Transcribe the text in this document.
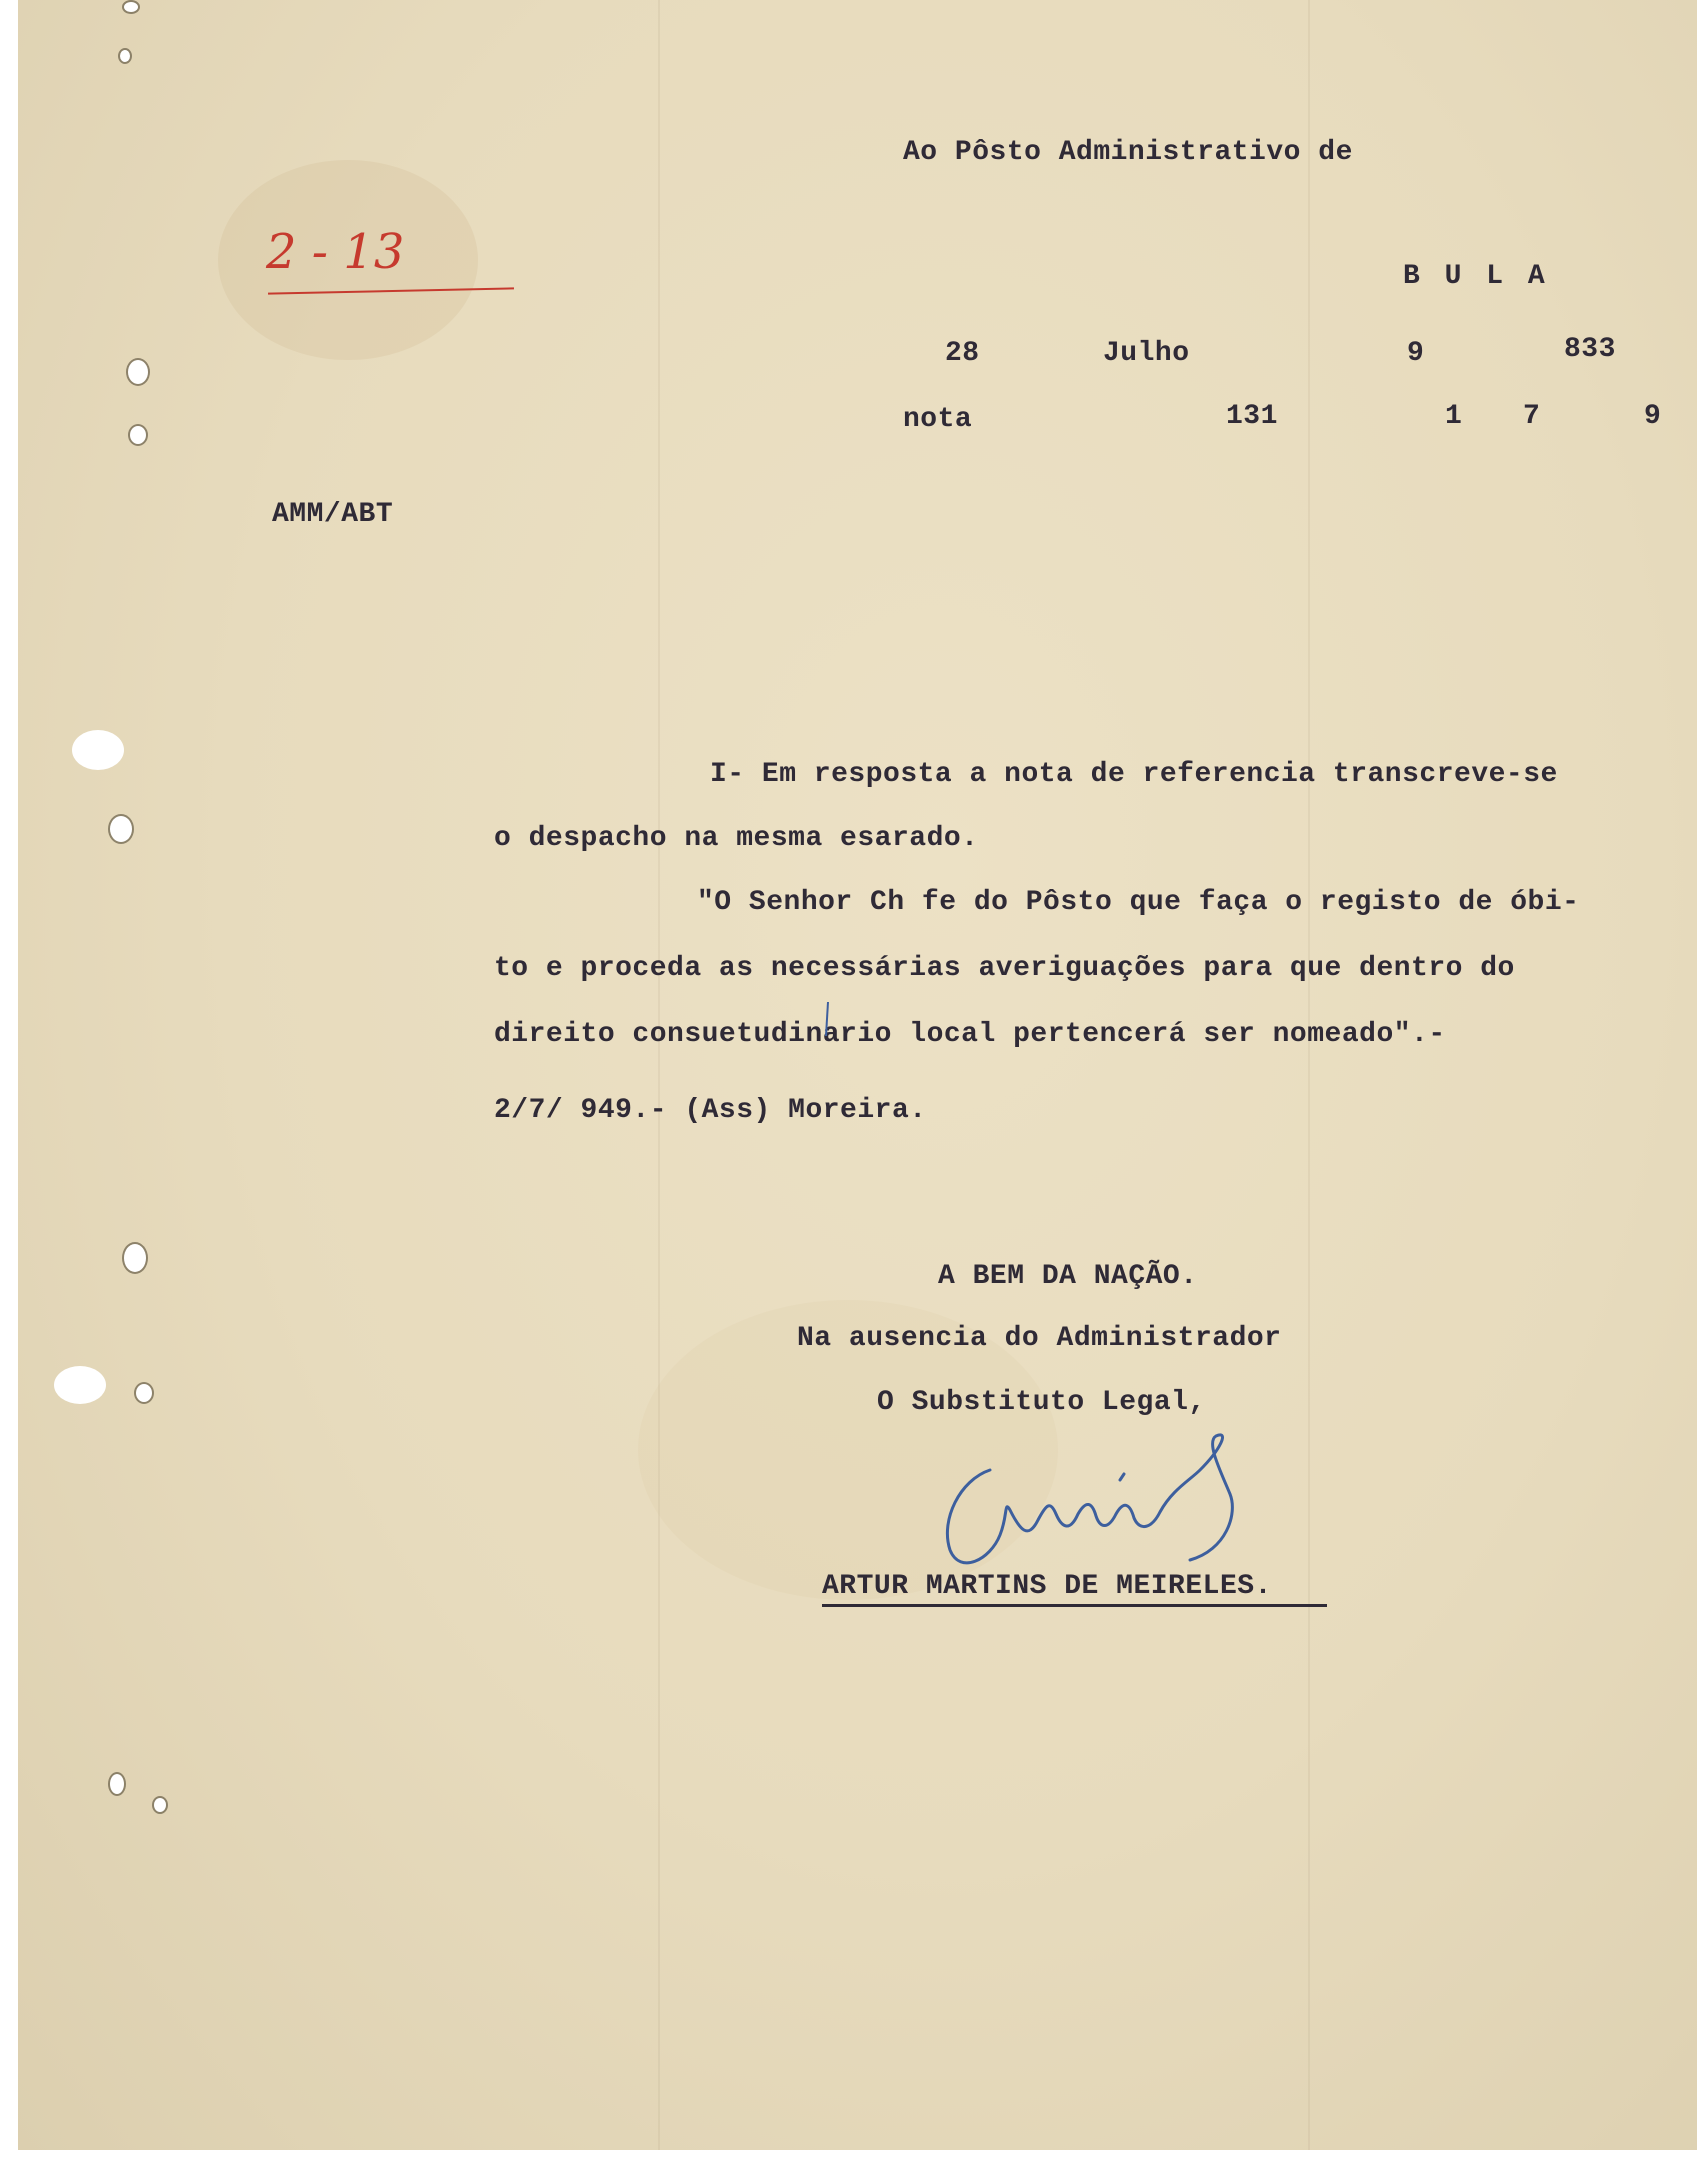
2 - 13
Ao Pôsto Administrativo de
B U L A
28	Julho	9	833
nota	131	1 7	9
AMM/ABT
I- Em resposta a nota de referencia transcreve-se
o despacho na mesma esarado.
"O Senhor Ch fe do Pôsto que faça o registo de óbi-
to e proceda as necessárias averiguações para que dentro do
direito consuetudinario local pertencerá ser nomeado".-
2/7/ 949.- (Ass) Moreira.
A BEM DA NAÇÃO.
Na ausencia do Administrador
O Substituto Legal,
ARTUR MARTINS DE MEIRELES.
